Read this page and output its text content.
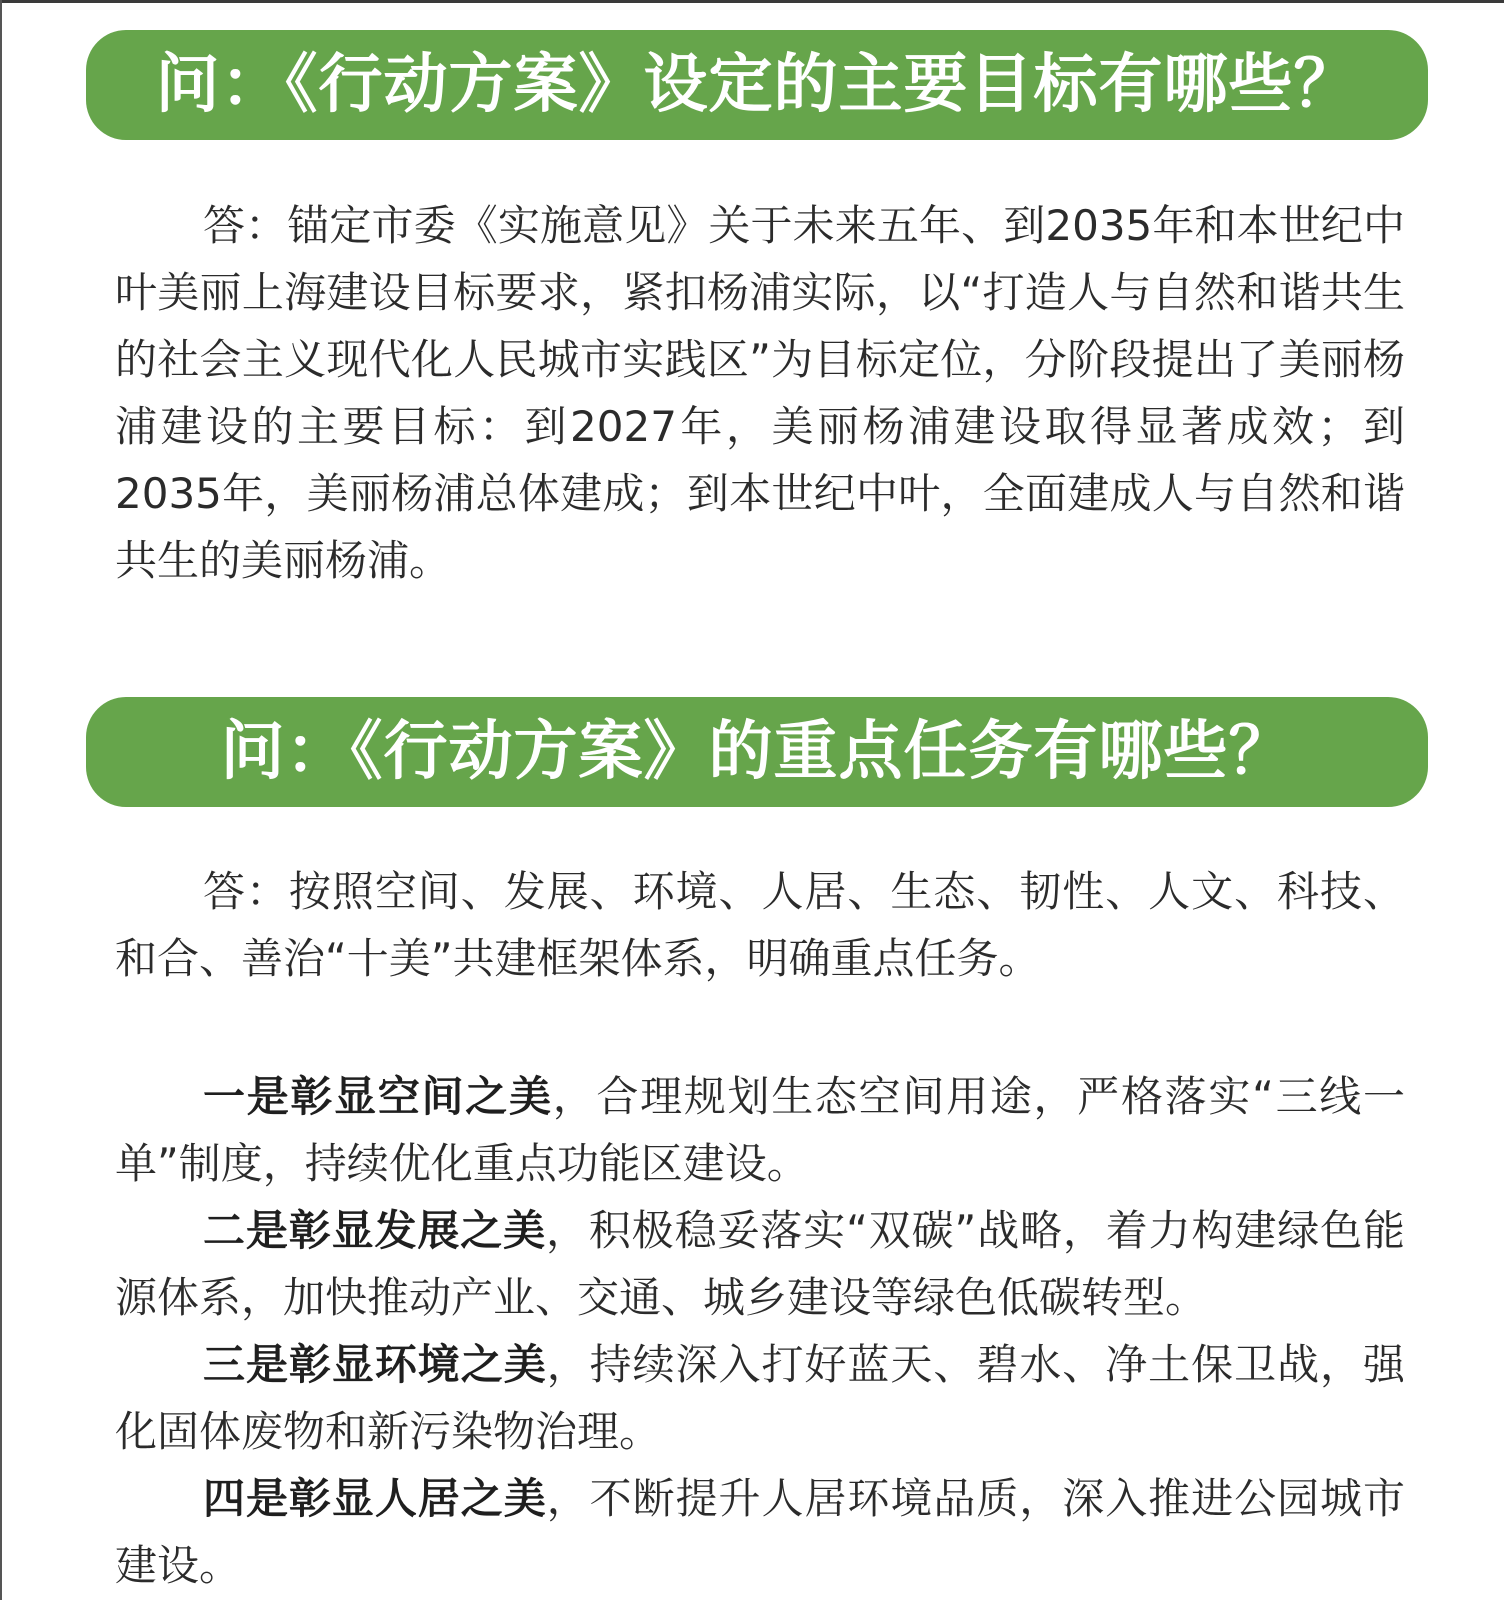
问：《行动方案》设定的主要目标有哪些？

答：锚定市委《实施意见》关于未来五年、到2035年和本世纪中叶美丽上海建设目标要求，紧扣杨浦实际，以“打造人与自然和谐共生的社会主义现代化人民城市实践区”为目标定位，分阶段提出了美丽杨浦建设的主要目标：到2027年，美丽杨浦建设取得显著成效；到2035年，美丽杨浦总体建成；到本世纪中叶，全面建成人与自然和谐共生的美丽杨浦。

问：《行动方案》的重点任务有哪些？

答：按照空间、发展、环境、人居、生态、韧性、人文、科技、和合、善治“十美”共建框架体系，明确重点任务。

一是彰显空间之美，合理规划生态空间用途，严格落实“三线一单”制度，持续优化重点功能区建设。

二是彰显发展之美，积极稳妥落实“双碳”战略，着力构建绿色能源体系，加快推动产业、交通、城乡建设等绿色低碳转型。

三是彰显环境之美，持续深入打好蓝天、碧水、净土保卫战，强化固体废物和新污染物治理。

四是彰显人居之美，不断提升人居环境品质，深入推进公园城市建设。
